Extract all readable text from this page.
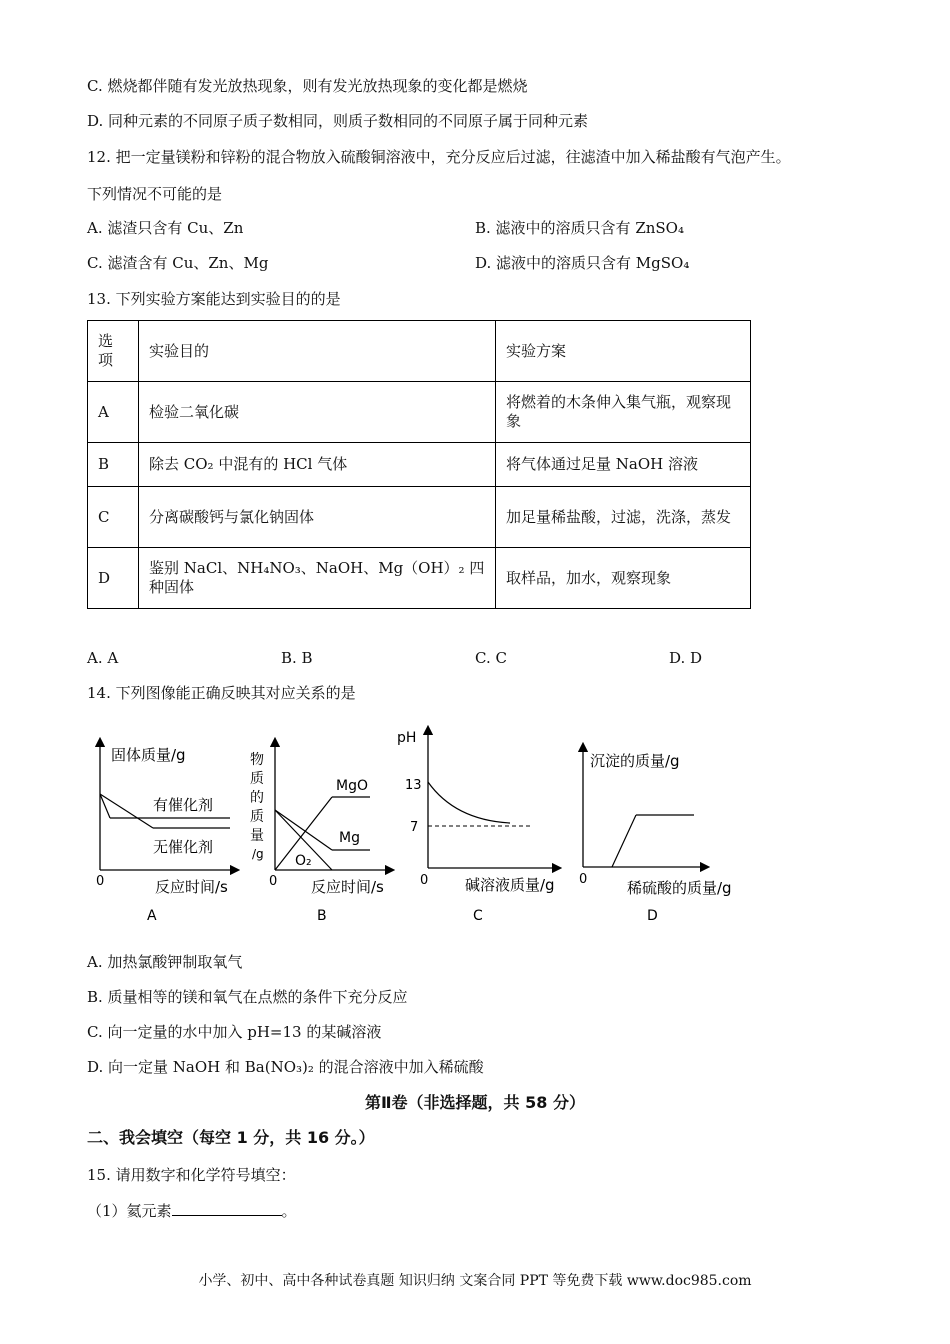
C. 燃烧都伴随有发光放热现象，则有发光放热现象的变化都是燃烧
D. 同种元素的不同原子质子数相同，则质子数相同的不同原子属于同种元素
12. 把一定量镁粉和锌粉的混合物放入硫酸铜溶液中，充分反应后过滤，往滤渣中加入稀盐酸有气泡产生。
下列情况不可能的是
A. 滤渣只含有 Cu、Zn	B. 滤液中的溶质只含有 ZnSO₄
C. 滤渣含有 Cu、Zn、Mg	D. 滤液中的溶质只含有 MgSO₄
13. 下列实验方案能达到实验目的的是
选
项	实验目的	实验方案
A	检验二氧化碳	将燃着的木条伸入集气瓶，观察现象
B	除去 CO₂ 中混有的 HCl 气体	将气体通过足量 NaOH 溶液
C	分离碳酸钙与氯化钠固体	加足量稀盐酸，过滤，洗涤，蒸发
D	鉴别 NaCl、NH₄NO₃、NaOH、Mg（OH）₂ 四种固体	取样品，加水，观察现象
A. A	B. B	C. C	D. D
14. 下列图像能正确反映其对应关系的是
固体质量/g
有催化剂
无催化剂
0	反应时间/s
A
物
质
的
质
量
/g
MgO
Mg
O₂
0 反应时间/s
B
pH
13
7
0 碱溶液质量/g
C
沉淀的质量/g
0	稀硫酸的质量/g
D
A. 加热氯酸钾制取氧气
B. 质量相等的镁和氧气在点燃的条件下充分反应
C. 向一定量的水中加入 pH=13 的某碱溶液
D. 向一定量 NaOH 和 Ba(NO₃)₂ 的混合溶液中加入稀硫酸
第Ⅱ卷（非选择题，共 58 分）
二、我会填空（每空 1 分，共 16 分。）
15. 请用数字和化学符号填空：
（1）氦元素	。
小学、初中、高中各种试卷真题 知识归纳 文案合同 PPT 等免费下载 www.doc985.com
